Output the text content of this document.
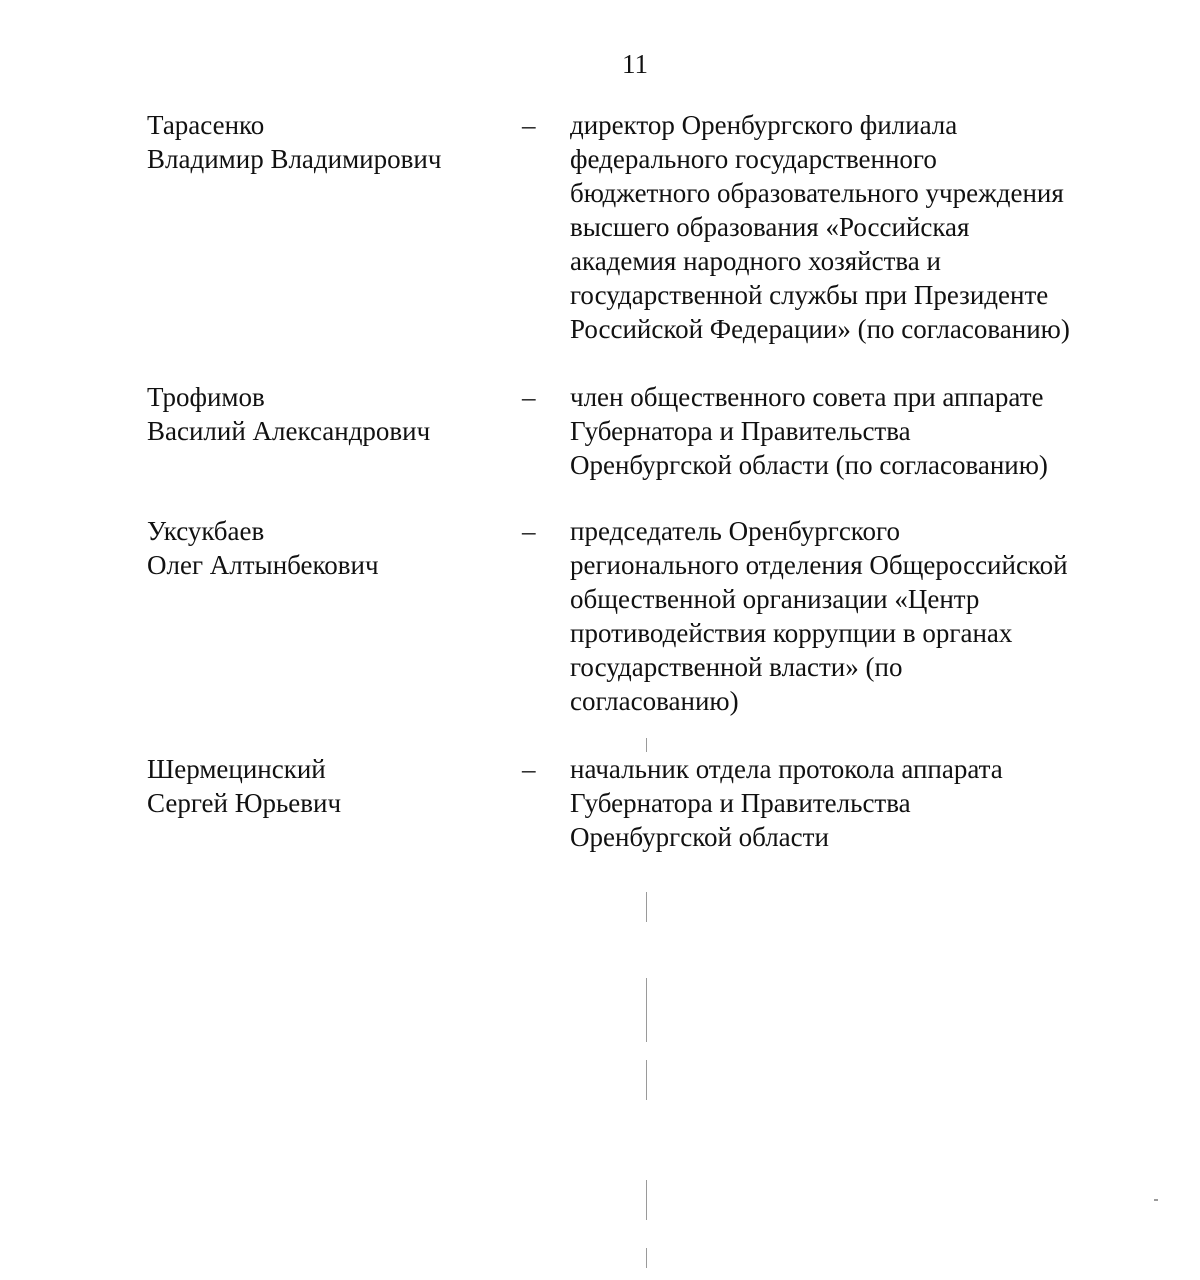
11
Тарасенко
Владимир Владимирович
– директор Оренбургского филиала
федерального государственного
бюджетного образовательного учреждения
высшего образования «Российская
академия народного хозяйства и
государственной службы при Президенте
Российской Федерации» (по согласованию)
Трофимов
Василий Александрович
– член общественного совета при аппарате
Губернатора и Правительства
Оренбургской области (по согласованию)
Уксукбаев
Олег Алтынбекович
– председатель Оренбургского
регионального отделения Общероссийской
общественной организации «Центр
противодействия коррупции в органах
государственной власти» (по
согласованию)
Шермецинский
Сергей Юрьевич
– начальник отдела протокола аппарата
Губернатора и Правительства
Оренбургской области
